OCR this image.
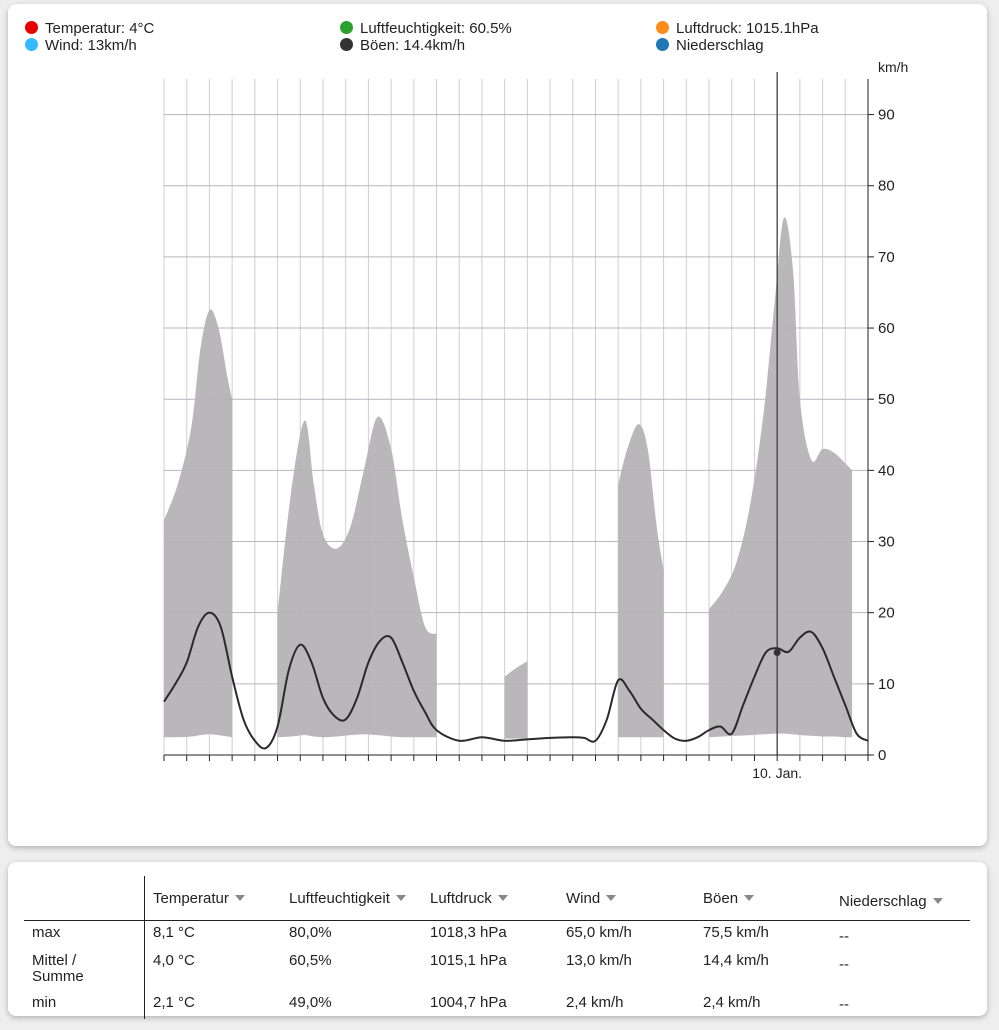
Temperatur: 4°C	Luftfeuchtigkeit: 60.5%	Luftdruck: 1015.1hPa
Wind: 13km/h	Böen: 14.4km/h	Niederschlag
0
10
20
30
40
50
60
70
80
90
10. Jan.
km/h
	Temperatur	Luftfeuchtigkeit	Luftdruck	Wind	Böen	Niederschlag
max	8,1 °C	80,0%	1018,3 hPa	65,0 km/h	75,5 km/h	--

Mittel / Summe	4,0 °C	60,5%	1015,1 hPa	13,0 km/h	14,4 km/h	--
min	2,1 °C	49,0%	1004,7 hPa	2,4 km/h	2,4 km/h	--
